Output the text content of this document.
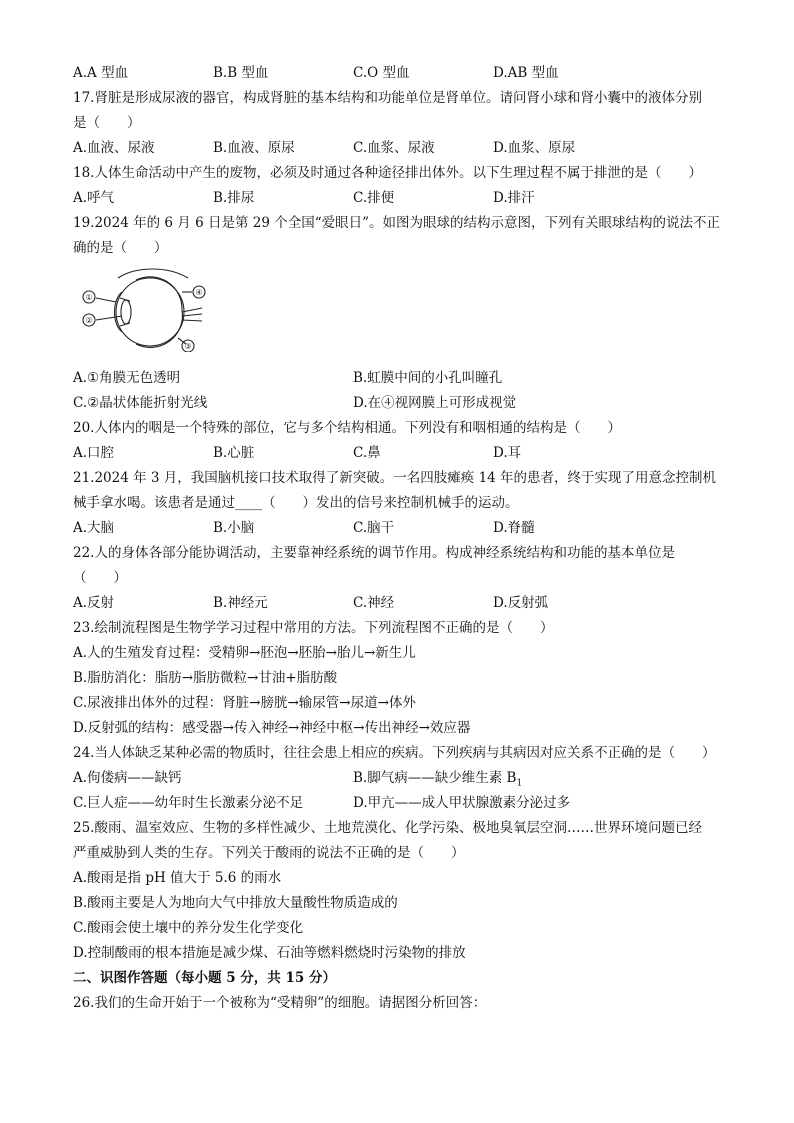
A.A 型血	B.B 型血	C.O 型血	D.AB 型血
17.肾脏是形成尿液的器官，构成肾脏的基本结构和功能单位是肾单位。请问肾小球和肾小囊中的液体分别
是（　　）
A.血液、尿液	B.血液、原尿	C.血浆、尿液	D.血浆、原尿
18.人体生命活动中产生的废物，必须及时通过各种途径排出体外。以下生理过程不属于排泄的是（　　）
A.呼气	B.排尿	C.排便	D.排汗
19.2024 年的 6 月 6 日是第 29 个全国“爱眼日”。如图为眼球的结构示意图，下列有关眼球结构的说法不正
确的是（　　）
①
②
③
④
A.①角膜无色透明	B.虹膜中间的小孔叫瞳孔
C.②晶状体能折射光线	D.在④视网膜上可形成视觉
20.人体内的咽是一个特殊的部位，它与多个结构相通。下列没有和咽相通的结构是（　　）
A.口腔	B.心脏	C.鼻	D.耳
21.2024 年 3 月，我国脑机接口技术取得了新突破。一名四肢瘫痪 14 年的患者，终于实现了用意念控制机
械手拿水喝。该患者是通过____（　　）发出的信号来控制机械手的运动。
A.大脑	B.小脑	C.脑干	D.脊髓
22.人的身体各部分能协调活动，主要靠神经系统的调节作用。构成神经系统结构和功能的基本单位是
（　　）
A.反射	B.神经元	C.神经	D.反射弧
23.绘制流程图是生物学学习过程中常用的方法。下列流程图不正确的是（　　）
A.人的生殖发育过程：受精卵→胚泡→胚胎→胎儿→新生儿
B.脂肪消化：脂肪→脂肪微粒→甘油+脂肪酸
C.尿液排出体外的过程：肾脏→膀胱→输尿管→尿道→体外
D.反射弧的结构：感受器→传入神经→神经中枢→传出神经→效应器
24.当人体缺乏某种必需的物质时，往往会患上相应的疾病。下列疾病与其病因对应关系不正确的是（　　）
A.佝偻病——缺钙	B.脚气病——缺少维生素 $B_1$
C.巨人症——幼年时生长激素分泌不足	D.甲亢——成人甲状腺激素分泌过多
25.酸雨、温室效应、生物的多样性减少、土地荒漠化、化学污染、极地臭氧层空洞……世界环境问题已经
严重威胁到人类的生存。下列关于酸雨的说法不正确的是（　　）
A.酸雨是指 pH 值大于 5.6 的雨水
B.酸雨主要是人为地向大气中排放大量酸性物质造成的
C.酸雨会使土壤中的养分发生化学变化
D.控制酸雨的根本措施是减少煤、石油等燃料燃烧时污染物的排放
二、识图作答题（每小题 5 分，共 15 分）
26.我们的生命开始于一个被称为“受精卵”的细胞。请据图分析回答：
